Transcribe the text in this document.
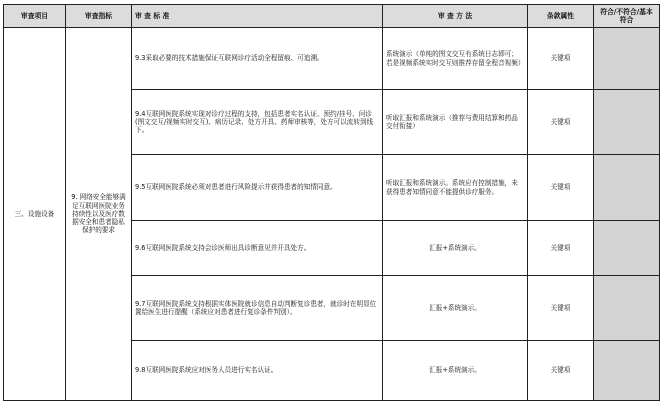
审查项目	审查指标	审 查 标 准	审 查 方 法	条款属性	符合/不符合/基本符合
三、设施设备	9. 网络安全能够满足互联网医院业务持续性以及医疗数据安全和患者隐私保护的要求	9.3采取必要的技术措施保证互联网诊疗活动全程留痕、可追溯。	系统演示（单纯的图文交互有系统日志即可；若是视频系统实时交互则推荐存留全程音视频）	关键项	
		9.4互联网医院系统实现对诊疗过程的支持，包括患者实名认证、预约/挂号、问诊(图文交互/视频实时交互)、病历记录、处方开具、药师审核等，处方可以流转到线下。	听取汇报和系统演示（推荐与费用结算和药品交付衔接）	关键项	
		9.5互联网医院系统必须对患者进行风险提示并获得患者的知情同意。	听取汇报和系统演示。系统应有控制措施，未获得患者知情同意不能提供诊疗服务。	关键项	
		9.6互联网医院系统支持会诊医师出具诊断意见并开具处方。	汇报+系统演示。	关键项	
		9.7互联网医院系统支持根据实体医院就诊信息自动判断复诊患者，就诊时在明显位置给医生进行提醒（系统应对患者进行复诊条件判别）。	汇报+系统演示。	关键项	
		9.8互联网医院系统应对医务人员进行实名认证。	汇报+系统演示。	关键项	
